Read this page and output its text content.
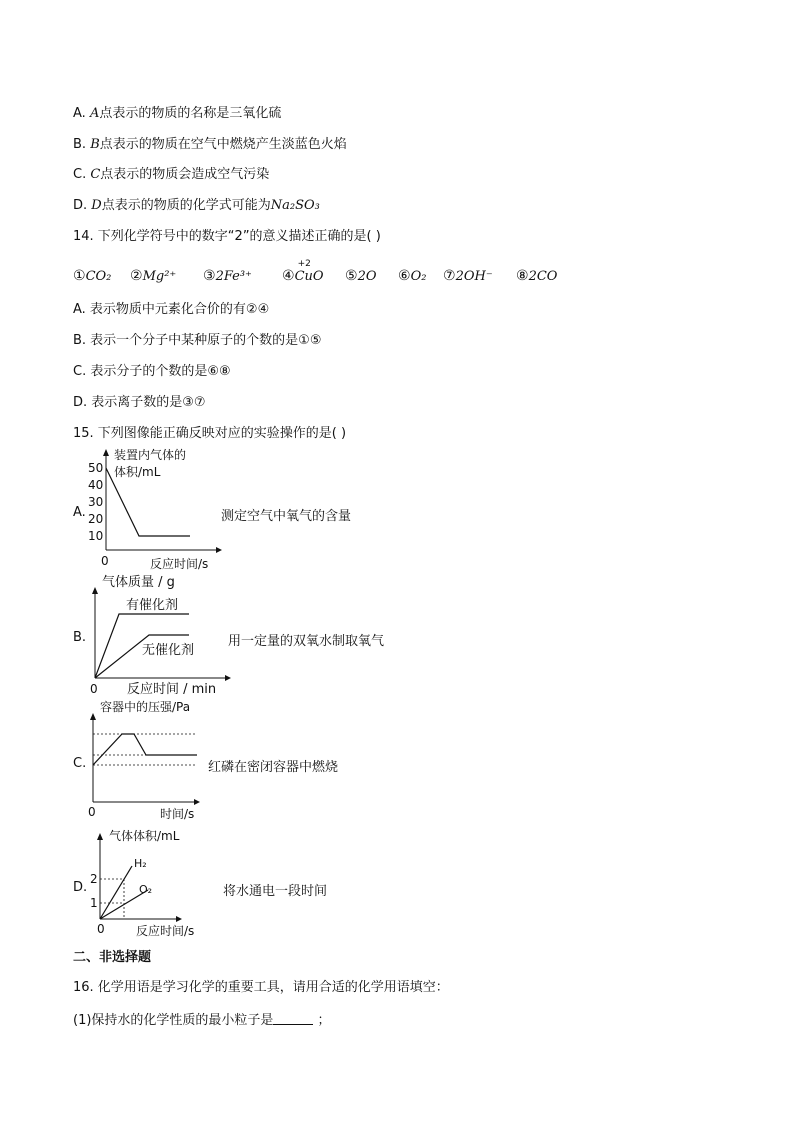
A. A点表示的物质的名称是三氧化硫
B. B点表示的物质在空气中燃烧产生淡蓝色火焰
C. C点表示的物质会造成空气污染
D. D点表示的物质的化学式可能为Na₂SO₃
14. 下列化学符号中的数字“2”的意义描述正确的是( )
①CO₂ ②Mg²⁺ ③2Fe³⁺ ④
+2
CuO ⑤2O ⑥O₂ ⑦2OH⁻ ⑧2CO
A. 表示物质中元素化合价的有②④
B. 表示一个分子中某种原子的个数的是①⑤
C. 表示分子的个数的是⑥⑧
D. 表示离子数的是③⑦
15. 下列图像能正确反映对应的实验操作的是( )
A.
装置内气体的
体积/mL
50
40
30
20
10
0	反应时间/s
测定空气中氧气的含量
B.
气体质量 / g
0 反应时间 / min
有催化剂
无催化剂
用一定量的双氧水制取氧气
C.
容器中的压强/Pa
0	时间/s
红磷在密闭容器中燃烧
D.
气体体积/mL
2
1
0	反应时间/s
H₂
O₂	将水通电一段时间
二、非选择题
16. 化学用语是学习化学的重要工具，请用合适的化学用语填空：
(1)保持水的化学性质的最小粒子是	；
